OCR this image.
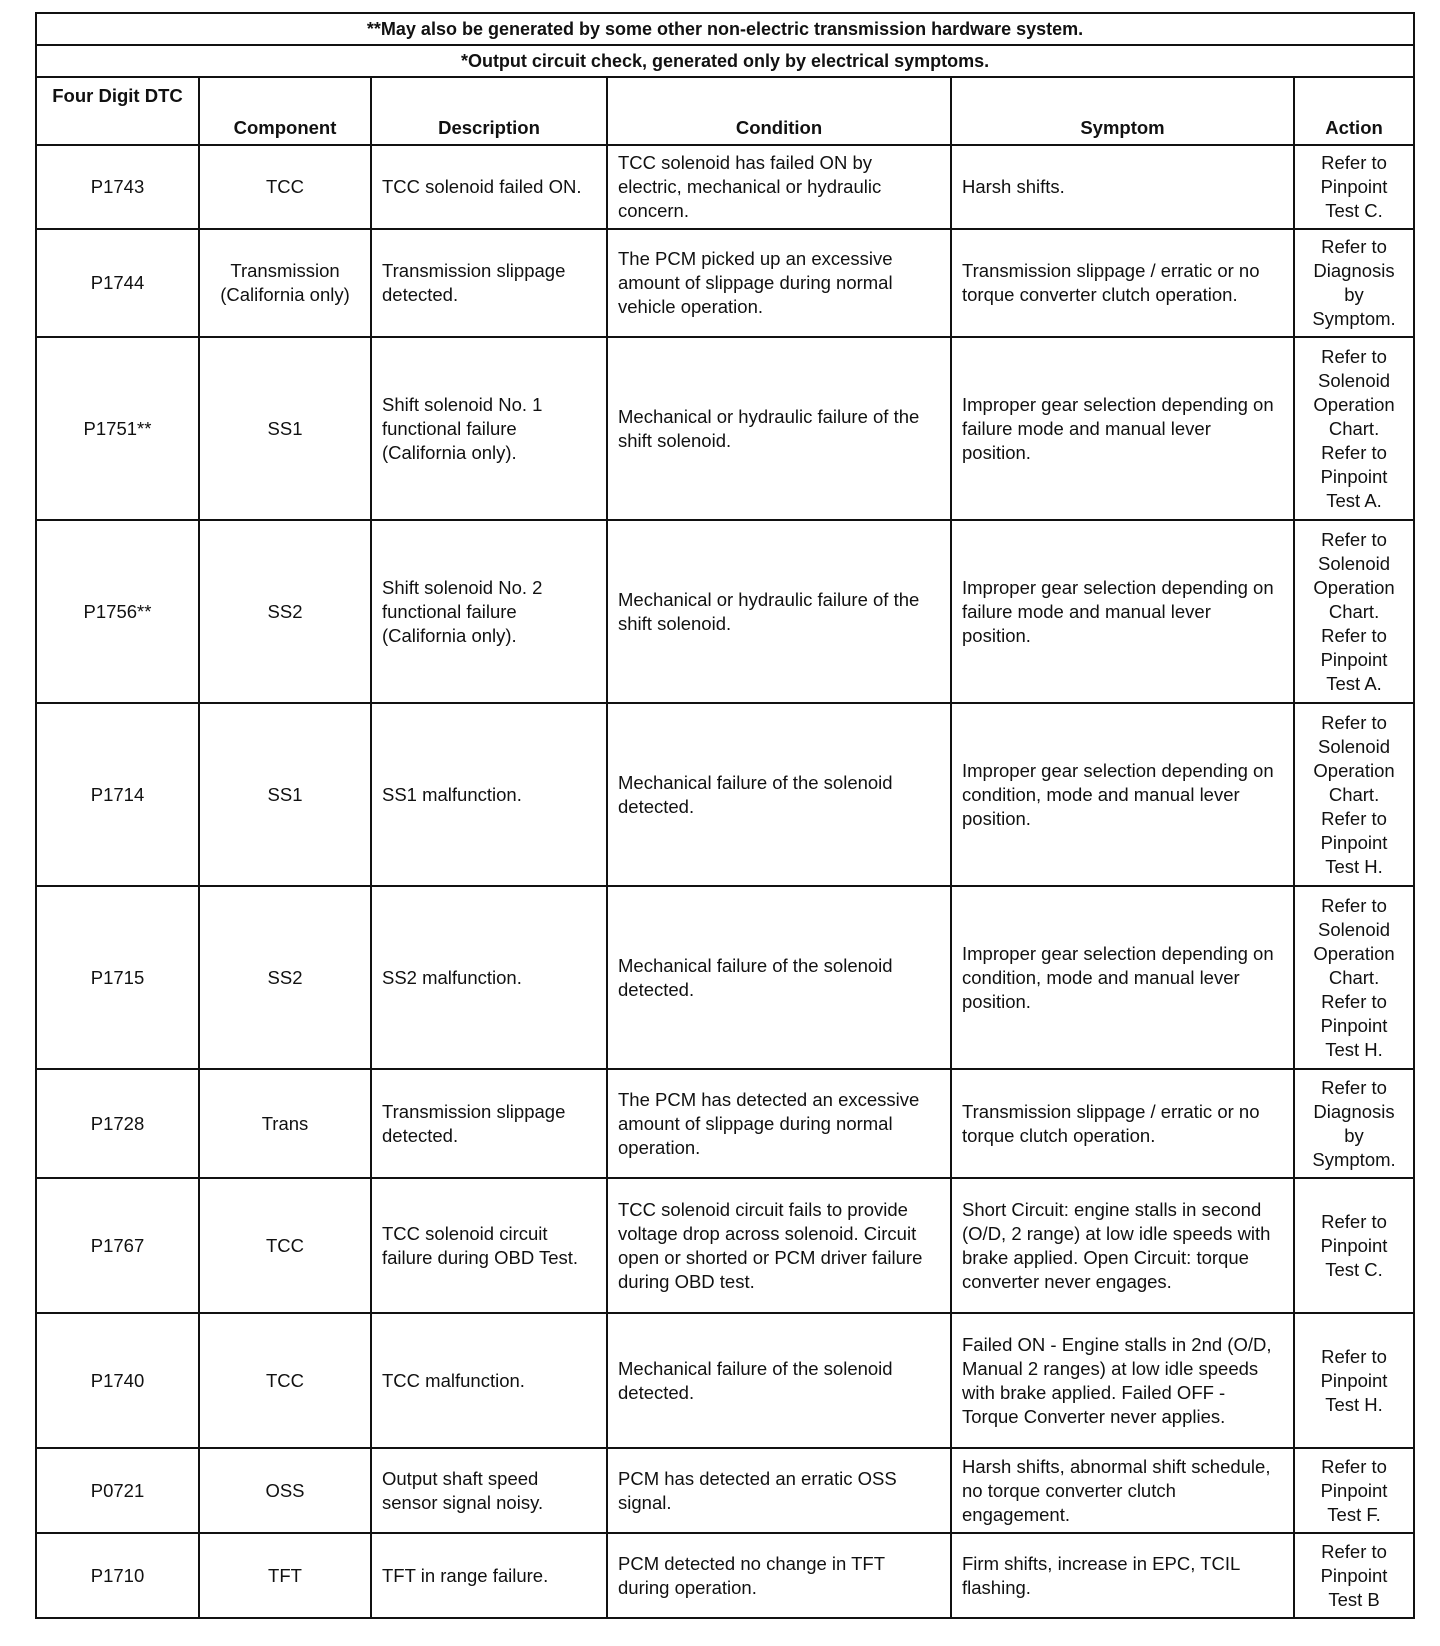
**May also be generated by some other non-electric transmission hardware system.					
*Output circuit check, generated only by electrical symptoms.					
Four Digit DTC	Component	Description	Condition	Symptom	Action
P1743	TCC	TCC solenoid failed ON.	TCC solenoid has failed ON by electric, mechanical or hydraulic concern.	Harsh shifts.	Refer to Pinpoint Test C.
P1744	Transmission (California only)	Transmission slippage detected.	The PCM picked up an excessive amount of slippage during normal vehicle operation.	Transmission slippage / erratic or no torque converter clutch operation.	Refer to Diagnosis by Symptom.
P1751**	SS1	Shift solenoid No. 1 functional failure (California only).	Mechanical or hydraulic failure of the shift solenoid.	Improper gear selection depending on failure mode and manual lever position.	Refer to Solenoid Operation Chart. Refer to Pinpoint Test A.
P1756**	SS2	Shift solenoid No. 2 functional failure (California only).	Mechanical or hydraulic failure of the shift solenoid.	Improper gear selection depending on failure mode and manual lever position.	Refer to Solenoid Operation Chart. Refer to Pinpoint Test A.
P1714	SS1	SS1 malfunction.	Mechanical failure of the solenoid detected.	Improper gear selection depending on condition, mode and manual lever position.	Refer to Solenoid Operation Chart. Refer to Pinpoint Test H.
P1715	SS2	SS2 malfunction.	Mechanical failure of the solenoid detected.	Improper gear selection depending on condition, mode and manual lever position.	Refer to Solenoid Operation Chart. Refer to Pinpoint Test H.
P1728	Trans	Transmission slippage detected.	The PCM has detected an excessive amount of slippage during normal operation.	Transmission slippage / erratic or no torque clutch operation.	Refer to Diagnosis by Symptom.
P1767	TCC	TCC solenoid circuit failure during OBD Test.	TCC solenoid circuit fails to provide voltage drop across solenoid. Circuit open or shorted or PCM driver failure during OBD test.	Short Circuit: engine stalls in second (O/D, 2 range) at low idle speeds with brake applied. Open Circuit: torque converter never engages.	Refer to Pinpoint Test C.
P1740	TCC	TCC malfunction.	Mechanical failure of the solenoid detected.	Failed ON - Engine stalls in 2nd (O/D, Manual 2 ranges) at low idle speeds with brake applied. Failed OFF - Torque Converter never applies.	Refer to Pinpoint Test H.
P0721	OSS	Output shaft speed sensor signal noisy.	PCM has detected an erratic OSS signal.	Harsh shifts, abnormal shift schedule, no torque converter clutch engagement.	Refer to Pinpoint Test F.
P1710	TFT	TFT in range failure.	PCM detected no change in TFT during operation.	Firm shifts, increase in EPC, TCIL flashing.	Refer to Pinpoint Test B
